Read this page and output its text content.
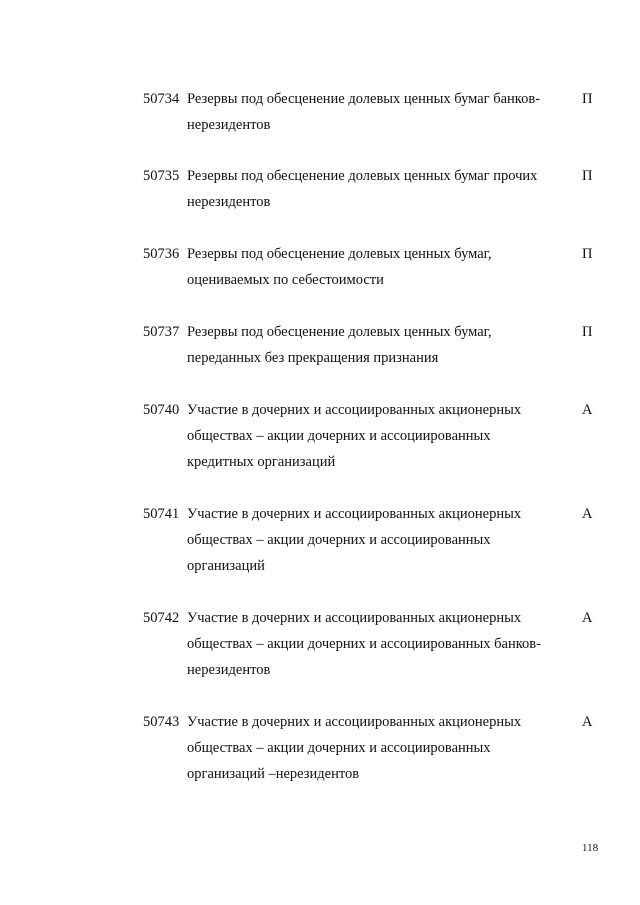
50734 Резервы под обесценение долевых ценных бумаг банков-
нерезидентов
П
50735 Резервы под обесценение долевых ценных бумаг прочих
нерезидентов
П
50736 Резервы под обесценение долевых ценных бумаг,
оцениваемых по себестоимости
П
50737 Резервы под обесценение долевых ценных бумаг,
переданных без прекращения признания
П
50740 Участие в дочерних и ассоциированных акционерных
обществах – акции дочерних и ассоциированных
кредитных организаций
А
50741 Участие в дочерних и ассоциированных акционерных
обществах – акции дочерних и ассоциированных
организаций
А
50742 Участие в дочерних и ассоциированных акционерных
обществах – акции дочерних и ассоциированных банков-
нерезидентов
А
50743 Участие в дочерних и ассоциированных акционерных
обществах – акции дочерних и ассоциированных
организаций –нерезидентов
А
118
